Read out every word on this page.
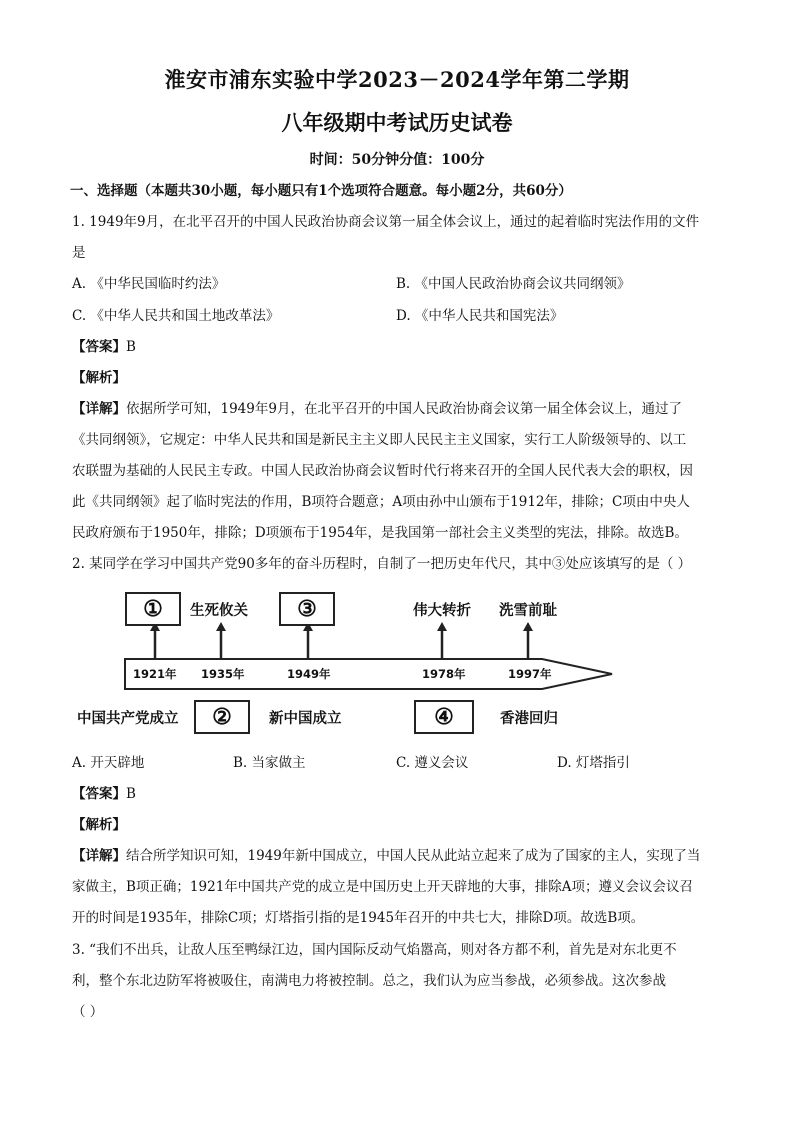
淮安市浦东实验中学2023－2024学年第二学期
八年级期中考试历史试卷
时间：50分钟分值：100分
一、选择题（本题共30小题，每小题只有1个选项符合题意。每小题2分，共60分）
1. 1949年9月，在北平召开的中国人民政治协商会议第一届全体会议上，通过的起着临时宪法作用的文件
是
A. 《中华民国临时约法》	B. 《中国人民政治协商会议共同纲领》
C. 《中华人民共和国土地改革法》	D. 《中华人民共和国宪法》
【答案】B
【解析】
【详解】依据所学可知，1949年9月，在北平召开的中国人民政治协商会议第一届全体会议上，通过了
《共同纲领》，它规定：中华人民共和国是新民主主义即人民民主主义国家，实行工人阶级领导的、以工
农联盟为基础的人民民主专政。中国人民政治协商会议暂时代行将来召开的全国人民代表大会的职权，因
此《共同纲领》起了临时宪法的作用，B项符合题意；A项由孙中山颁布于1912年，排除；C项由中央人
民政府颁布于1950年，排除；D项颁布于1954年，是我国第一部社会主义类型的宪法，排除。故选B。
2. 某同学在学习中国共产党90多年的奋斗历程时，自制了一把历史年代尺，其中③处应该填写的是（ ）
①	生死攸关	③	伟大转折 洗雪前耻
1921年 1935年	1949年	1978年	1997年
中国共产党成立	②	新中国成立	④	香港回归
A. 开天辟地	B. 当家做主	C. 遵义会议	D. 灯塔指引
【答案】B
【解析】
【详解】结合所学知识可知，1949年新中国成立，中国人民从此站立起来了成为了国家的主人，实现了当
家做主，B项正确；1921年中国共产党的成立是中国历史上开天辟地的大事，排除A项；遵义会议会议召
开的时间是1935年，排除C项；灯塔指引指的是1945年召开的中共七大，排除D项。故选B项。
3. “我们不出兵，让敌人压至鸭绿江边，国内国际反动气焰嚣高，则对各方都不利，首先是对东北更不
利，整个东北边防军将被吸住，南满电力将被控制。总之，我们认为应当参战，必须参战。这次参战
（ ）
